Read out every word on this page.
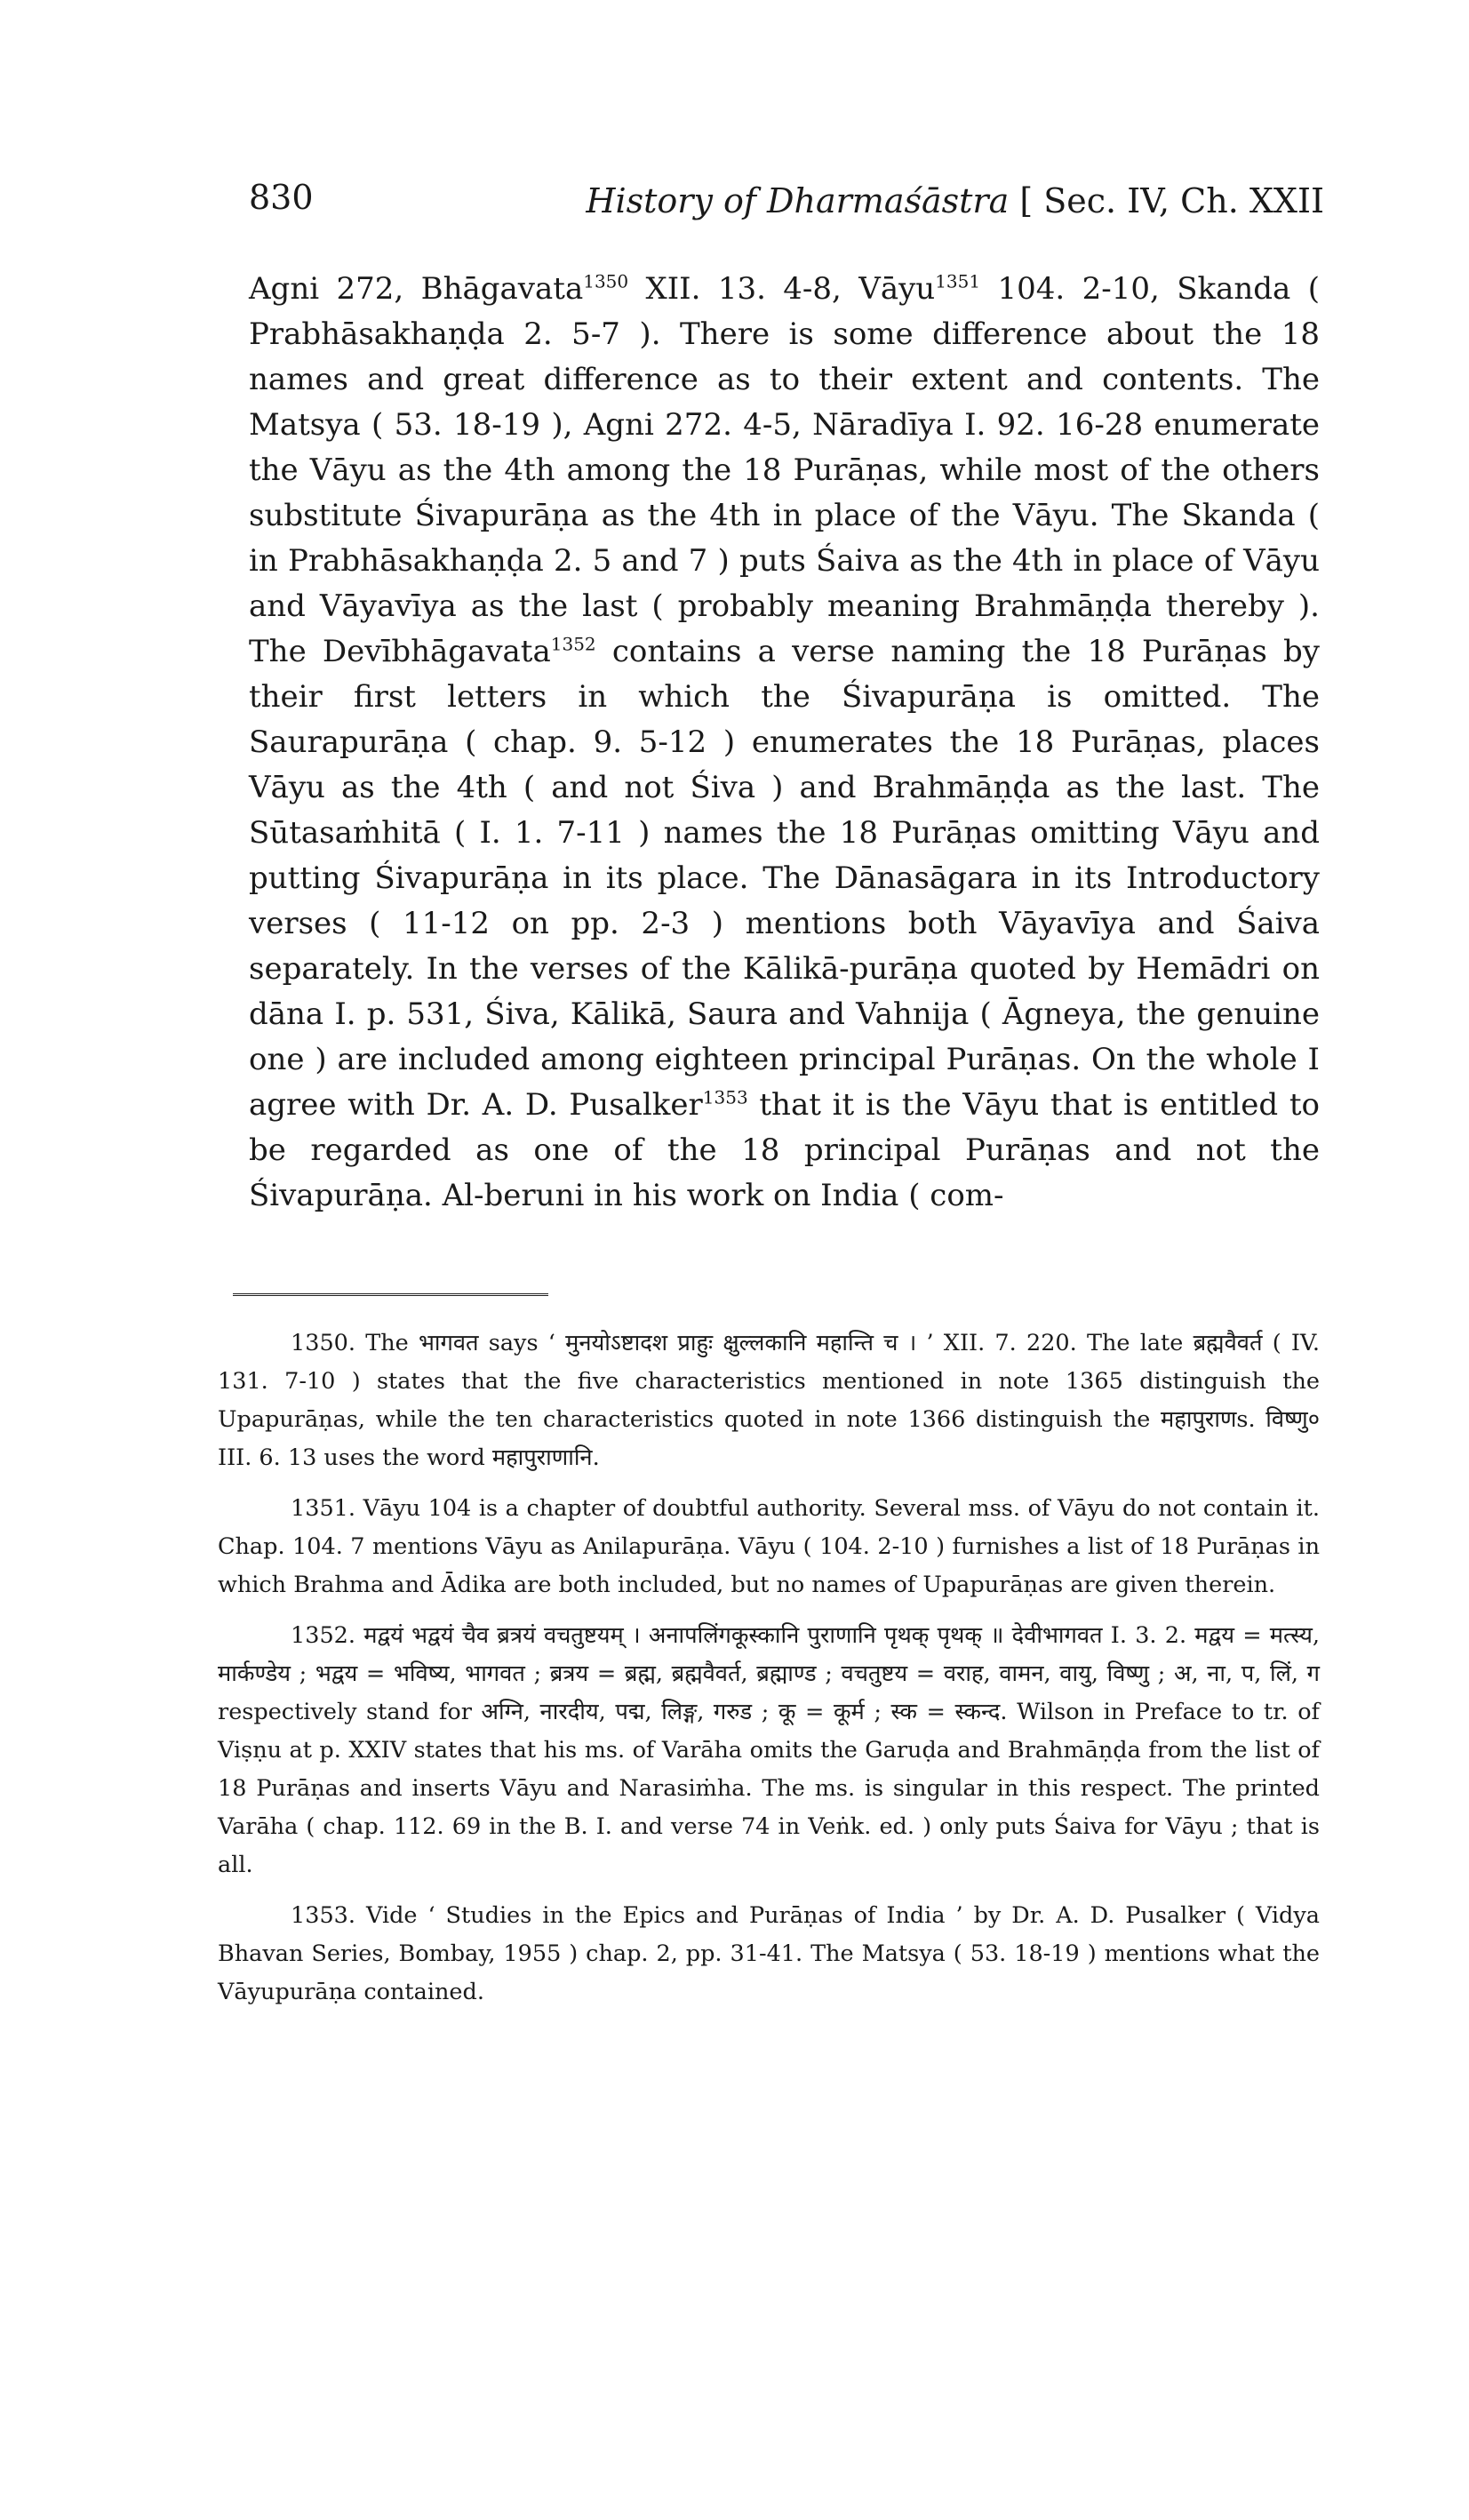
830	History of Dharmaśāstra [ Sec. IV, Ch. XXII

Agni 272, Bhāgavata$^{1350}$ XII. 13. 4-8, Vāyu$^{1351}$ 104. 2-10, Skanda ( Prabhāsakhaṇḍa 2. 5-7 ). There is some difference about the 18 names and great difference as to their extent and contents. The Matsya ( 53. 18-19 ), Agni 272. 4-5, Nāradīya I. 92. 16-28 enumerate the Vāyu as the 4th among the 18 Purāṇas, while most of the others substitute Śivapurāṇa as the 4th in place of the Vāyu. The Skanda ( in Prabhāsakhaṇḍa 2. 5 and 7 ) puts Śaiva as the 4th in place of Vāyu and Vāyavīya as the last ( probably meaning Brahmāṇḍa thereby ). The Devībhāgavata$^{1352}$ contains a verse naming the 18 Purāṇas by their first letters in which the Śivapurāṇa is omitted. The Saurapurāṇa ( chap. 9. 5-12 ) enumerates the 18 Purāṇas, places Vāyu as the 4th ( and not Śiva ) and Brahmāṇḍa as the last. The Sūtasaṁhitā ( I. 1. 7-11 ) names the 18 Purāṇas omitting Vāyu and putting Śivapurāṇa in its place. The Dānasāgara in its Introductory verses ( 11-12 on pp. 2-3 ) mentions both Vāyavīya and Śaiva separately. In the verses of the Kālikā-purāṇa quoted by Hemādri on dāna I. p. 531, Śiva, Kālikā, Saura and Vahnija ( Āgneya, the genuine one ) are included among eighteen principal Purāṇas. On the whole I agree with Dr. A. D. Pusalker$^{1353}$ that it is the Vāyu that is entitled to be regarded as one of the 18 principal Purāṇas and not the Śivapurāṇa. Al-beruni in his work on India ( com-

1350. The भागवत says ‘ मुनयोऽष्टादश प्राहुः क्षुल्लकानि महान्ति च । ’ XII. 7. 220. The late ब्रह्मवैवर्त ( IV. 131. 7-10 ) states that the five characteristics mentioned in note 1365 distinguish the Upapurāṇas, while the ten characteristics quoted in note 1366 distinguish the महापुराणs. विष्णु० III. 6. 13 uses the word महापुराणानि.

1351. Vāyu 104 is a chapter of doubtful authority. Several mss. of Vāyu do not contain it. Chap. 104. 7 mentions Vāyu as Anilapurāṇa. Vāyu ( 104. 2-10 ) furnishes a list of 18 Purāṇas in which Brahma and Ādika are both included, but no names of Upapurāṇas are given therein.

1352. मद्वयं भद्वयं चैव ब्रत्रयं वचतुष्टयम् । अनापलिंगकूस्कानि पुराणानि पृथक् पृथक् ॥ देवीभागवत I. 3. 2. मद्वय = मत्स्य, मार्कण्डेय ; भद्वय = भविष्य, भागवत ; ब्रत्रय = ब्रह्म, ब्रह्मवैवर्त, ब्रह्माण्ड ; वचतुष्टय = वराह, वामन, वायु, विष्णु ; अ, ना, प, लिं, ग respectively stand for अग्नि, नारदीय, पद्म, लिङ्ग, गरुड ; कू = कूर्म ; स्क = स्कन्द. Wilson in Preface to tr. of Viṣṇu at p. XXIV states that his ms. of Varāha omits the Garuḍa and Brahmāṇḍa from the list of 18 Purāṇas and inserts Vāyu and Narasiṁha. The ms. is singular in this respect. The printed Varāha ( chap. 112. 69 in the B. I. and verse 74 in Veṅk. ed. ) only puts Śaiva for Vāyu ; that is all.

1353. Vide ‘ Studies in the Epics and Purāṇas of India ’ by Dr. A. D. Pusalker ( Vidya Bhavan Series, Bombay, 1955 ) chap. 2, pp. 31-41. The Matsya ( 53. 18-19 ) mentions what the Vāyupurāṇa contained.
